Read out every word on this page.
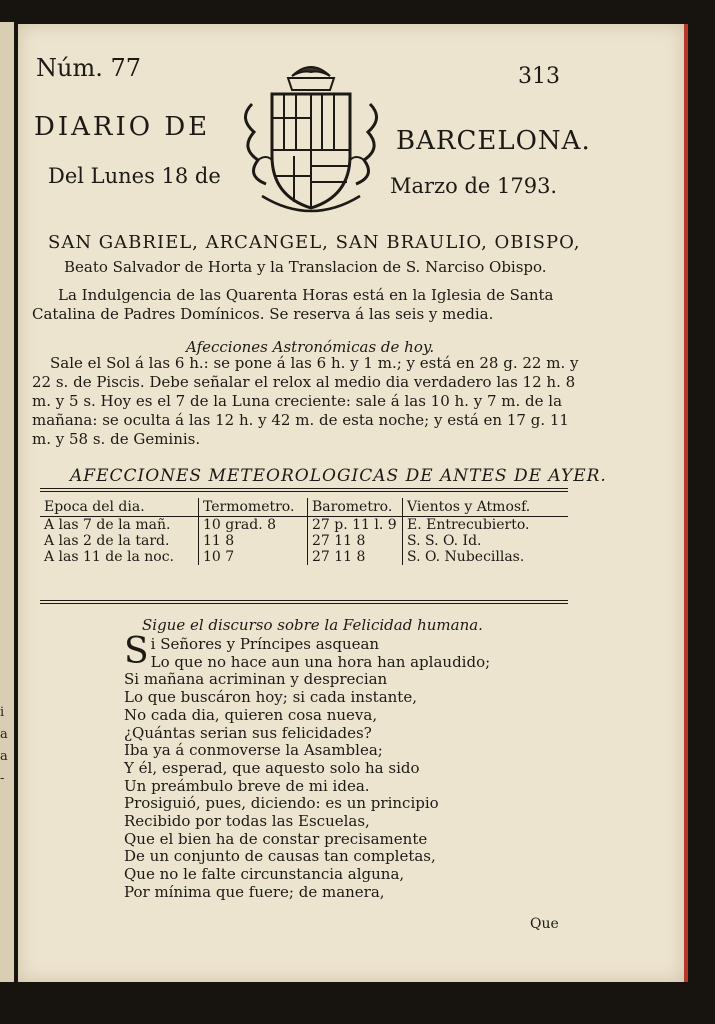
i
a
a
-
Núm. 77	313
DIARIO DE	BARCELONA.
Del Lunes 18 de	Marzo de 1793.
SAN GABRIEL, ARCANGEL, SAN BRAULIO, OBISPO,
Beato Salvador de Horta y la Translacion de S. Narciso Obispo.
La Indulgencia de las Quarenta Horas está en la Iglesia de Santa Catalina de Padres Domínicos. Se reserva á las seis y media.
Afecciones Astronómicas de hoy.
Sale el Sol á las 6 h.: se pone á las 6 h. y 1 m.; y está en 28 g. 22 m. y 22 s. de Piscis. Debe señalar el relox al medio dia verdadero las 12 h. 8 m. y 5 s. Hoy es el 7 de la Luna creciente: sale á las 10 h. y 7 m. de la mañana: se oculta á las 12 h. y 42 m. de esta noche; y está en 17 g. 11 m. y 58 s. de Geminis.
AFECCIONES METEOROLOGICAS DE ANTES DE AYER.
Epoca del dia.	Termometro.	Barometro.	Vientos y Atmosf.
A las 7 de la mañ.	10 grad. 8	27 p. 11 l. 9	E. Entrecubierto.
A las 2 de la tard.	11 8	27 11 8	S. S. O. Id.
A las 11 de la noc.	10 7	27 11 8	S. O. Nubecillas.
Sigue el discurso sobre la Felicidad humana.
S i Señores y Príncipes asquean
Lo que no hace aun una hora han aplaudido;
Si mañana acriminan y desprecian
Lo que buscáron hoy; si cada instante,
No cada dia, quieren cosa nueva,
¿Quántas serian sus felicidades?
Iba ya á conmoverse la Asamblea;
Y él, esperad, que aquesto solo ha sido
Un preámbulo breve de mi idea.
Prosiguió, pues, diciendo: es un principio
Recibido por todas las Escuelas,
Que el bien ha de constar precisamente
De un conjunto de causas tan completas,
Que no le falte circunstancia alguna,
Por mínima que fuere; de manera,
Que
